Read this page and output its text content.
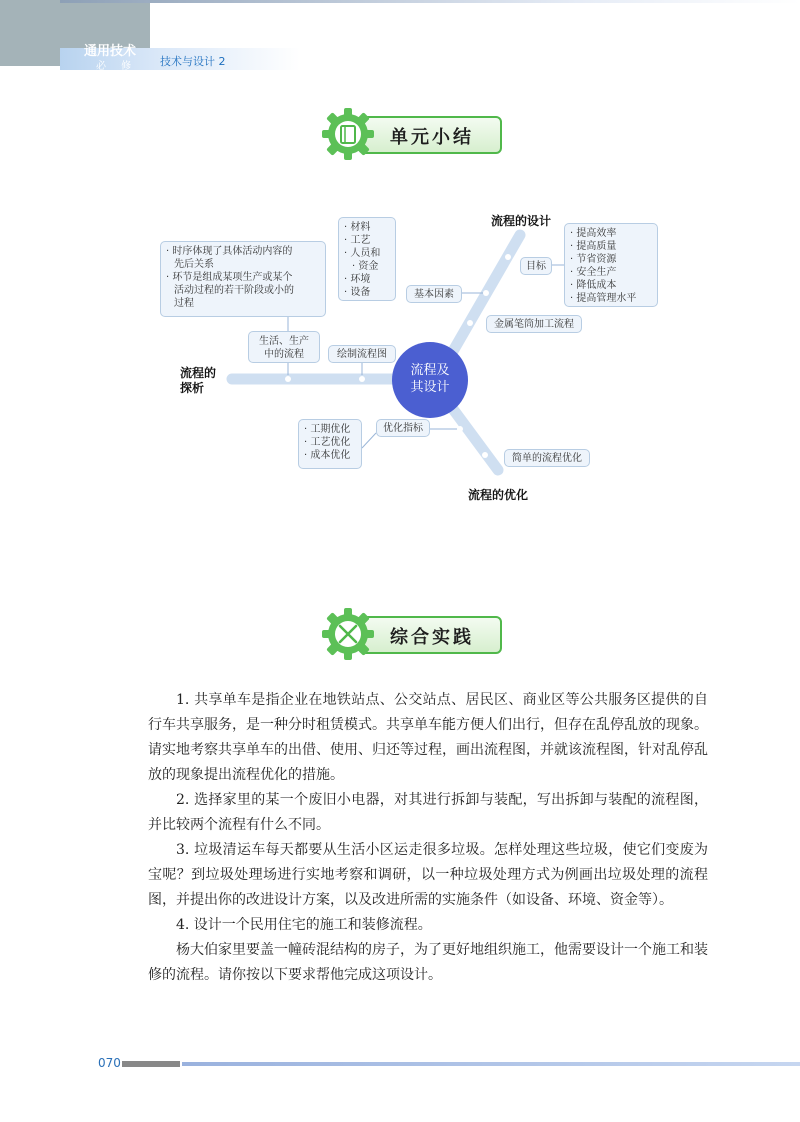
通用技术
必 修 技术与设计 2
单元小结
流程的设计
流程的
探析
流程的优化
流程及
其设计
· 时序体现了具体活动内容的
先后关系
· 环节是组成某项生产或某个
活动过程的若干阶段或小的
过程
生活、生产
中的流程	绘制流程图
· 材料
· 工艺
· 人员和
· 资金
· 环境
· 设备	基本因素
目标
· 提高效率
· 提高质量
· 节省资源
· 安全生产
· 降低成本
· 提高管理水平
金属笔筒加工流程
优化指标
· 工期优化
· 工艺优化
· 成本优化	简单的流程优化
综合实践

1. 共享单车是指企业在地铁站点、公交站点、居民区、商业区等公共服务区提供的自行车共享服务，是一种分时租赁模式。共享单车能方便人们出行，但存在乱停乱放的现象。请实地考察共享单车的出借、使用、归还等过程，画出流程图，并就该流程图，针对乱停乱放的现象提出流程优化的措施。

2. 选择家里的某一个废旧小电器，对其进行拆卸与装配，写出拆卸与装配的流程图，并比较两个流程有什么不同。

3. 垃圾清运车每天都要从生活小区运走很多垃圾。怎样处理这些垃圾，使它们变废为宝呢？到垃圾处理场进行实地考察和调研，以一种垃圾处理方式为例画出垃圾处理的流程图，并提出你的改进设计方案，以及改进所需的实施条件（如设备、环境、资金等）。

4. 设计一个民用住宅的施工和装修流程。

杨大伯家里要盖一幢砖混结构的房子，为了更好地组织施工，他需要设计一个施工和装修的流程。请你按以下要求帮他完成这项设计。

070
